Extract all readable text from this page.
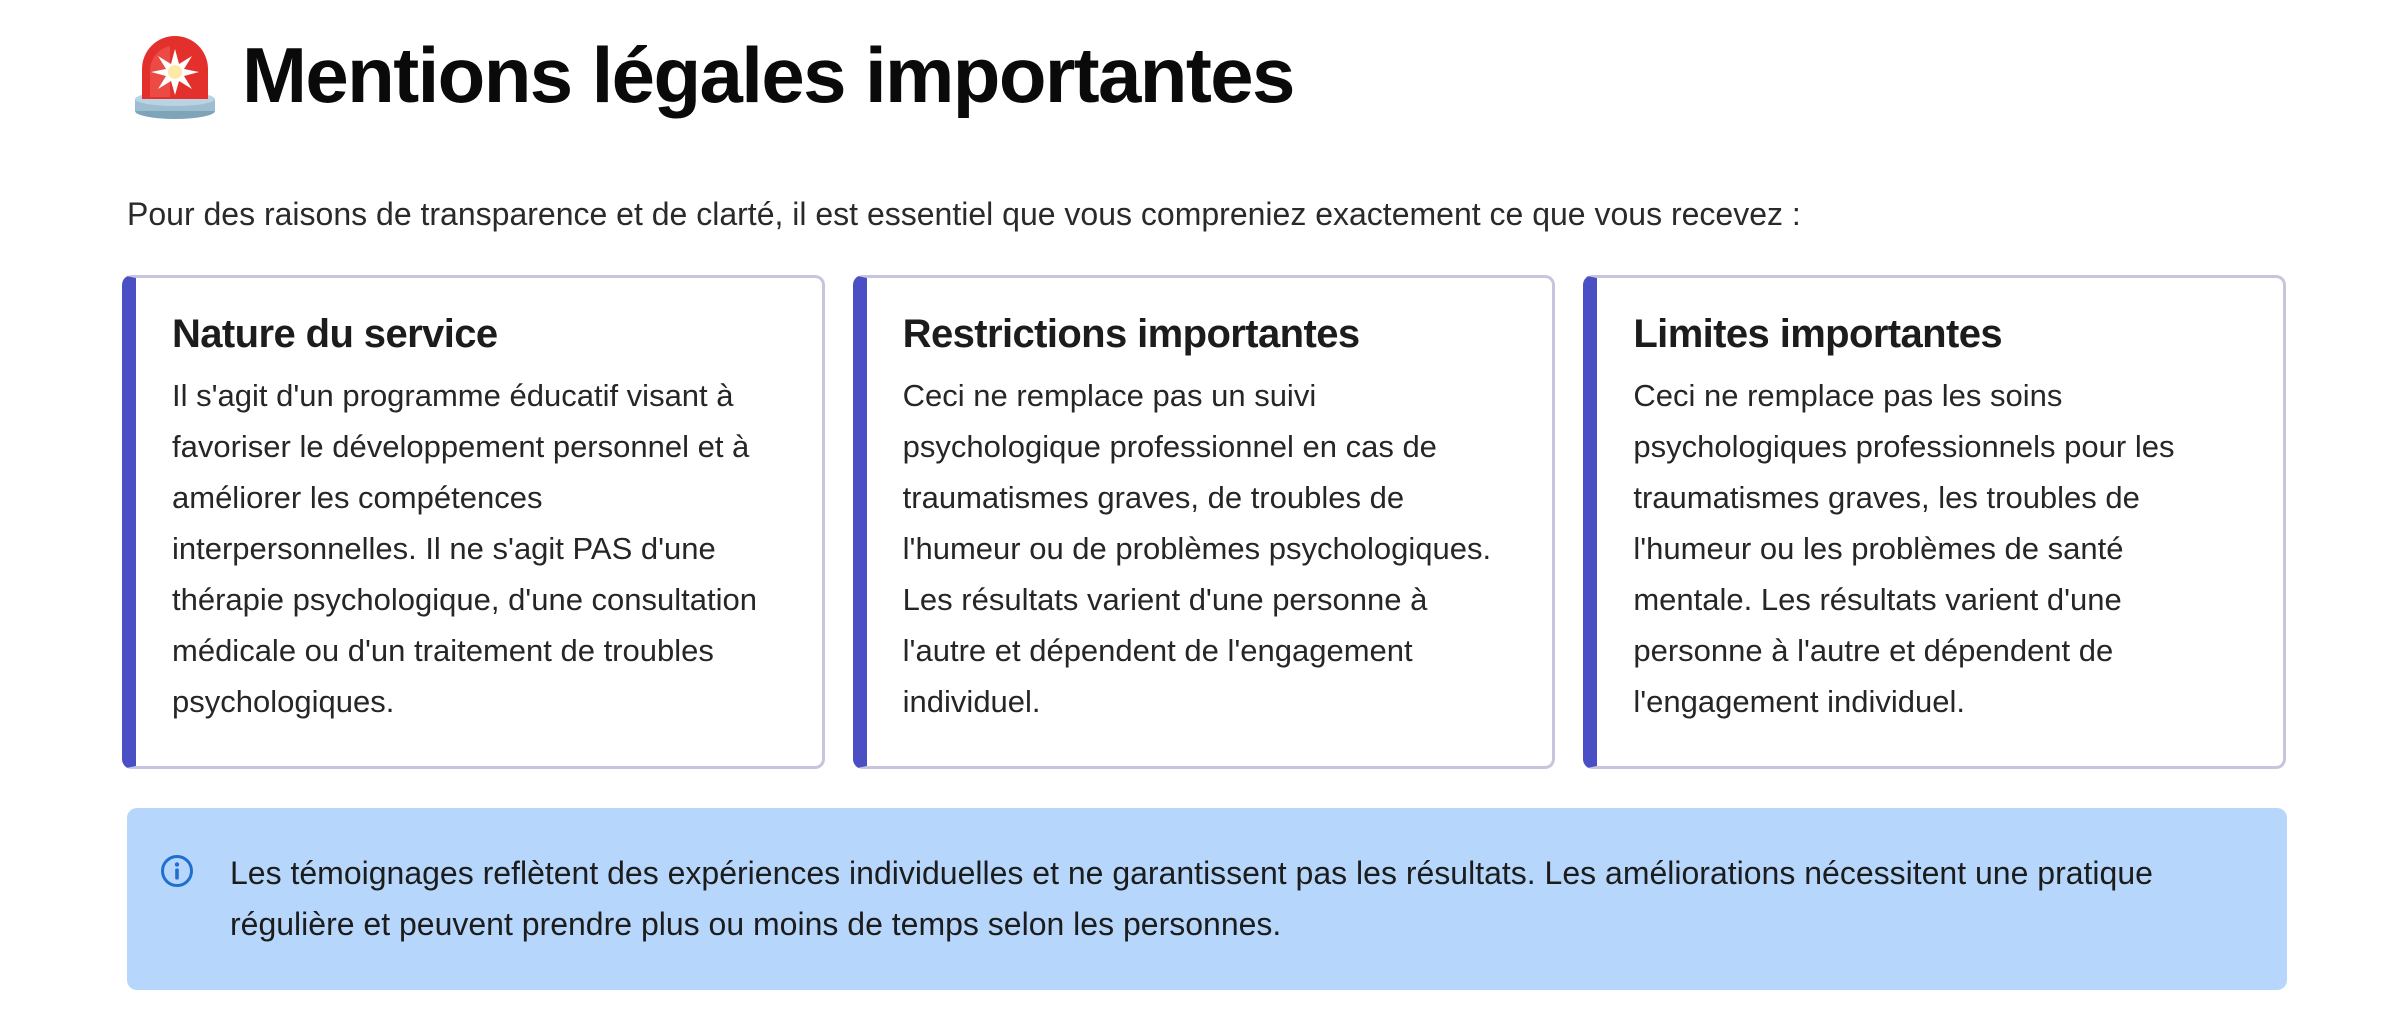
Mentions légales importantes
Pour des raisons de transparence et de clarté, il est essentiel que vous compreniez exactement ce que vous recevez :
Nature du service
Il s'agit d'un programme éducatif visant à favoriser le développement personnel et à améliorer les compétences interpersonnelles. Il ne s'agit PAS d'une thérapie psychologique, d'une consultation médicale ou d'un traitement de troubles psychologiques.
Restrictions importantes
Ceci ne remplace pas un suivi psychologique professionnel en cas de traumatismes graves, de troubles de l'humeur ou de problèmes psychologiques. Les résultats varient d'une personne à l'autre et dépendent de l'engagement individuel.
Limites importantes
Ceci ne remplace pas les soins psychologiques professionnels pour les traumatismes graves, les troubles de l'humeur ou les problèmes de santé mentale. Les résultats varient d'une personne à l'autre et dépendent de l'engagement individuel.
Les témoignages reflètent des expériences individuelles et ne garantissent pas les résultats. Les améliorations nécessitent une pratique régulière et peuvent prendre plus ou moins de temps selon les personnes.
